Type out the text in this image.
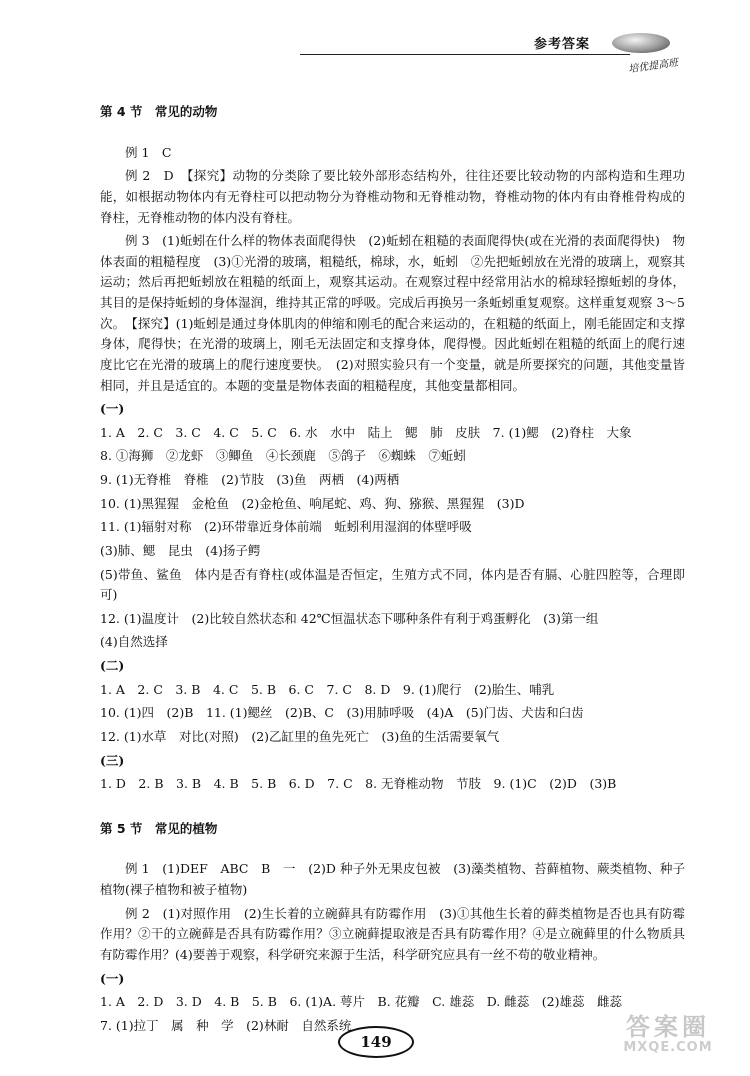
参考答案
培优提高班

第 4 节　常见的动物

例 1　C

例 2　D　【探究】动物的分类除了要比较外部形态结构外，往往还要比较动物的内部构造和生理功能，如根据动物体内有无脊柱可以把动物分为脊椎动物和无脊椎动物，脊椎动物的体内有由脊椎骨构成的脊柱，无脊椎动物的体内没有脊柱。

例 3　(1)蚯蚓在什么样的物体表面爬得快　(2)蚯蚓在粗糙的表面爬得快(或在光滑的表面爬得快)　物体表面的粗糙程度　(3)①光滑的玻璃，粗糙纸，棉球，水，蚯蚓　②先把蚯蚓放在光滑的玻璃上，观察其运动；然后再把蚯蚓放在粗糙的纸面上，观察其运动。在观察过程中经常用沾水的棉球轻擦蚯蚓的身体，其目的是保持蚯蚓的身体湿润，维持其正常的呼吸。完成后再换另一条蚯蚓重复观察。这样重复观察 3～5 次。　【探究】(1)蚯蚓是通过身体肌肉的伸缩和刚毛的配合来运动的，在粗糙的纸面上，刚毛能固定和支撑身体，爬得快；在光滑的玻璃上，刚毛无法固定和支撑身体，爬得慢。因此蚯蚓在粗糙的纸面上的爬行速度比它在光滑的玻璃上的爬行速度要快。　(2)对照实验只有一个变量，就是所要探究的问题，其他变量皆相同，并且是适宜的。本题的变量是物体表面的粗糙程度，其他变量都相同。

(一)

1. A　2. C　3. C　4. C　5. C　6. 水　水中　陆上　鳃　肺　皮肤　7. (1)鳃　(2)脊柱　大象

8. ①海狮　②龙虾　③鲫鱼　④长颈鹿　⑤鸽子　⑥蜘蛛　⑦蚯蚓

9. (1)无脊椎　脊椎　(2)节肢　(3)鱼　两栖　(4)两栖

10. (1)黑猩猩　金枪鱼　(2)金枪鱼、响尾蛇、鸡、狗、猕猴、黑猩猩　(3)D

11. (1)辐射对称　(2)环带靠近身体前端　蚯蚓利用湿润的体壁呼吸

(3)肺、鳃　昆虫　(4)扬子鳄

(5)带鱼、鲨鱼　体内是否有脊柱(或体温是否恒定，生殖方式不同，体内是否有膈、心脏四腔等，合理即可)

12. (1)温度计　(2)比较自然状态和 42℃恒温状态下哪种条件有利于鸡蛋孵化　(3)第一组

(4)自然选择

(二)

1. A　2. C　3. B　4. C　5. B　6. C　7. C　8. D　9. (1)爬行　(2)胎生、哺乳

10. (1)四　(2)B　11. (1)鳃丝　(2)B、C　(3)用肺呼吸　(4)A　(5)门齿、犬齿和臼齿

12. (1)水草　对比(对照)　(2)乙缸里的鱼先死亡　(3)鱼的生活需要氧气

(三)

1. D　2. B　3. B　4. B　5. B　6. D　7. C　8. 无脊椎动物　节肢　9. (1)C　(2)D　(3)B

第 5 节　常见的植物

例 1　(1)DEF　ABC　B　一　(2)D 种子外无果皮包被　(3)藻类植物、苔藓植物、蕨类植物、种子植物(裸子植物和被子植物)

例 2　(1)对照作用　(2)生长着的立碗藓具有防霉作用　(3)①其他生长着的藓类植物是否也具有防霉作用？②干的立碗藓是否具有防霉作用？③立碗藓提取液是否具有防霉作用？④是立碗藓里的什么物质具有防霉作用？(4)要善于观察，科学研究来源于生活，科学研究应具有一丝不苟的敬业精神。

(一)

1. A　2. D　3. D　4. B　5. B　6. (1)A. 萼片　B. 花瓣　C. 雄蕊　D. 雌蕊　(2)雄蕊　雌蕊

7. (1)拉丁　属　种　学　(2)林耐　自然系统

149
答案圈
MXQE.COM
